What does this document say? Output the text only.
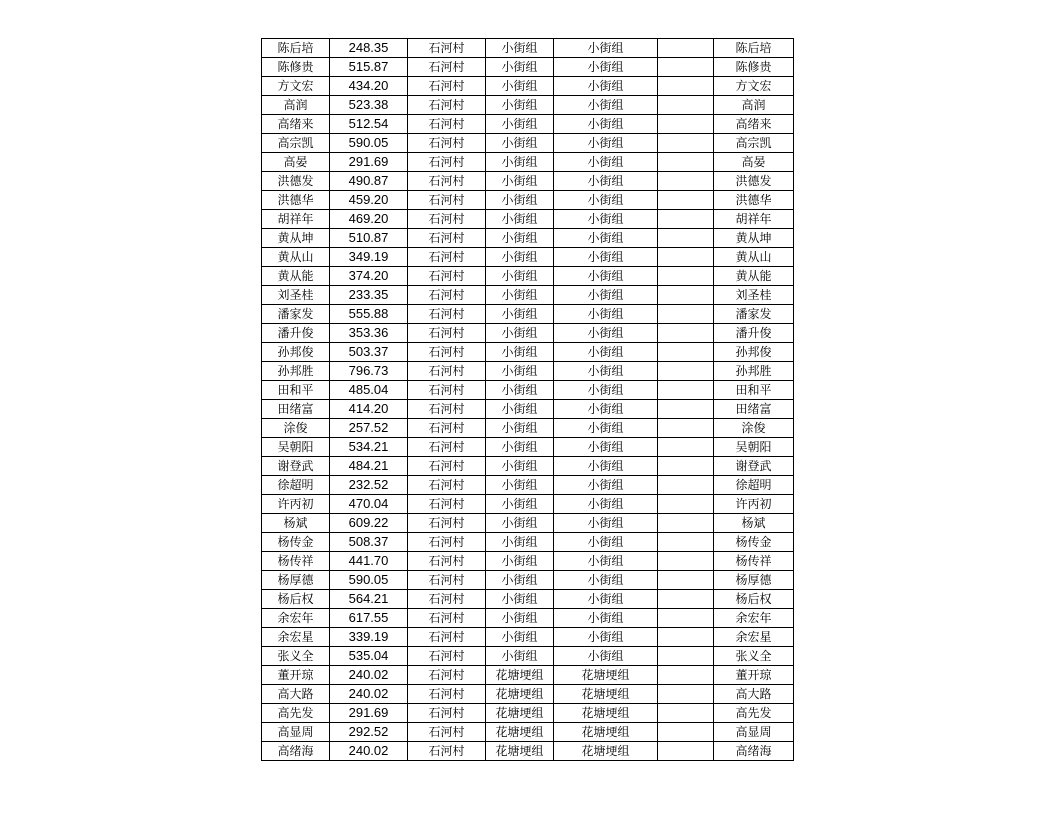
陈后培	248.35	石河村	小街组	小街组		陈后培
陈修贵	515.87	石河村	小街组	小街组		陈修贵
方文宏	434.20	石河村	小街组	小街组		方文宏
高润	523.38	石河村	小街组	小街组		高润
高绪来	512.54	石河村	小街组	小街组		高绪来
高宗凯	590.05	石河村	小街组	小街组		高宗凯
高晏	291.69	石河村	小街组	小街组		高晏
洪德发	490.87	石河村	小街组	小街组		洪德发
洪德华	459.20	石河村	小街组	小街组		洪德华
胡祥年	469.20	石河村	小街组	小街组		胡祥年
黄从坤	510.87	石河村	小街组	小街组		黄从坤
黄从山	349.19	石河村	小街组	小街组		黄从山
黄从能	374.20	石河村	小街组	小街组		黄从能
刘圣桂	233.35	石河村	小街组	小街组		刘圣桂
潘家发	555.88	石河村	小街组	小街组		潘家发
潘升俊	353.36	石河村	小街组	小街组		潘升俊
孙邦俊	503.37	石河村	小街组	小街组		孙邦俊
孙邦胜	796.73	石河村	小街组	小街组		孙邦胜
田和平	485.04	石河村	小街组	小街组		田和平
田绪富	414.20	石河村	小街组	小街组		田绪富
涂俊	257.52	石河村	小街组	小街组		涂俊
吴朝阳	534.21	石河村	小街组	小街组		吴朝阳
谢登武	484.21	石河村	小街组	小街组		谢登武
徐超明	232.52	石河村	小街组	小街组		徐超明
许丙初	470.04	石河村	小街组	小街组		许丙初
杨斌	609.22	石河村	小街组	小街组		杨斌
杨传金	508.37	石河村	小街组	小街组		杨传金
杨传祥	441.70	石河村	小街组	小街组		杨传祥
杨厚德	590.05	石河村	小街组	小街组		杨厚德
杨后权	564.21	石河村	小街组	小街组		杨后权
余宏年	617.55	石河村	小街组	小街组		余宏年
余宏星	339.19	石河村	小街组	小街组		余宏星
张义全	535.04	石河村	小街组	小街组		张义全
董开琼	240.02	石河村	花塘埂组	花塘埂组		董开琼
高大路	240.02	石河村	花塘埂组	花塘埂组		高大路
高先发	291.69	石河村	花塘埂组	花塘埂组		高先发
高显周	292.52	石河村	花塘埂组	花塘埂组		高显周
高绪海	240.02	石河村	花塘埂组	花塘埂组		高绪海
